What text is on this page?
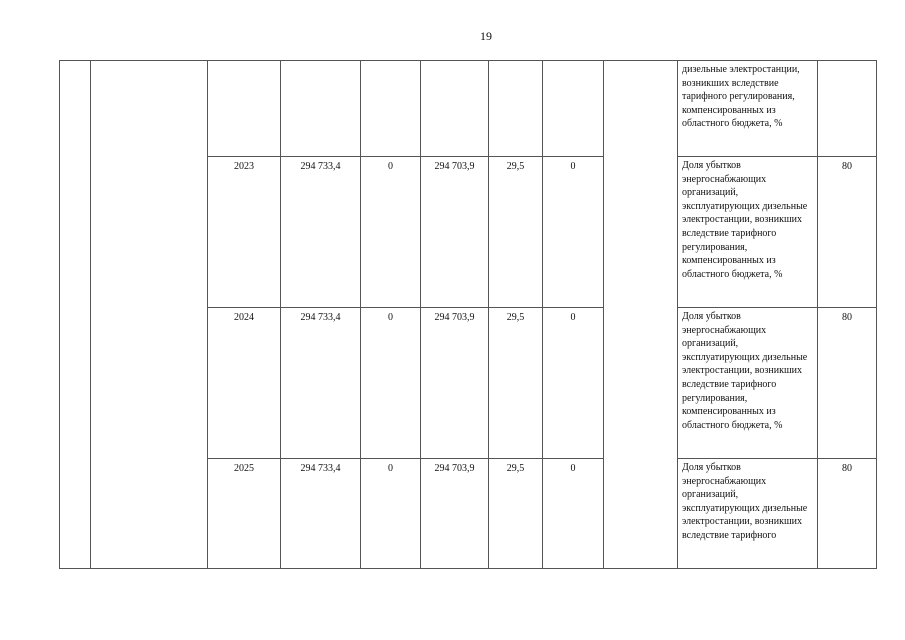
19
									дизельные электростанции, возникших вследствие тарифного регулирования, компенсированных из областного бюджета, %	
		2023	294 733,4	0	294 703,9	29,5	0		Доля убытков энергоснабжающих организаций, эксплуатирующих дизельные электростанции, возникших вследствие тарифного регулирования, компенсированных из областного бюджета, %	80
		2024	294 733,4	0	294 703,9	29,5	0		Доля убытков энергоснабжающих организаций, эксплуатирующих дизельные электростанции, возникших вследствие тарифного регулирования, компенсированных из областного бюджета, %	80
		2025	294 733,4	0	294 703,9	29,5	0		Доля убытков энергоснабжающих организаций, эксплуатирующих дизельные электростанции, возникших вследствие тарифного	80
